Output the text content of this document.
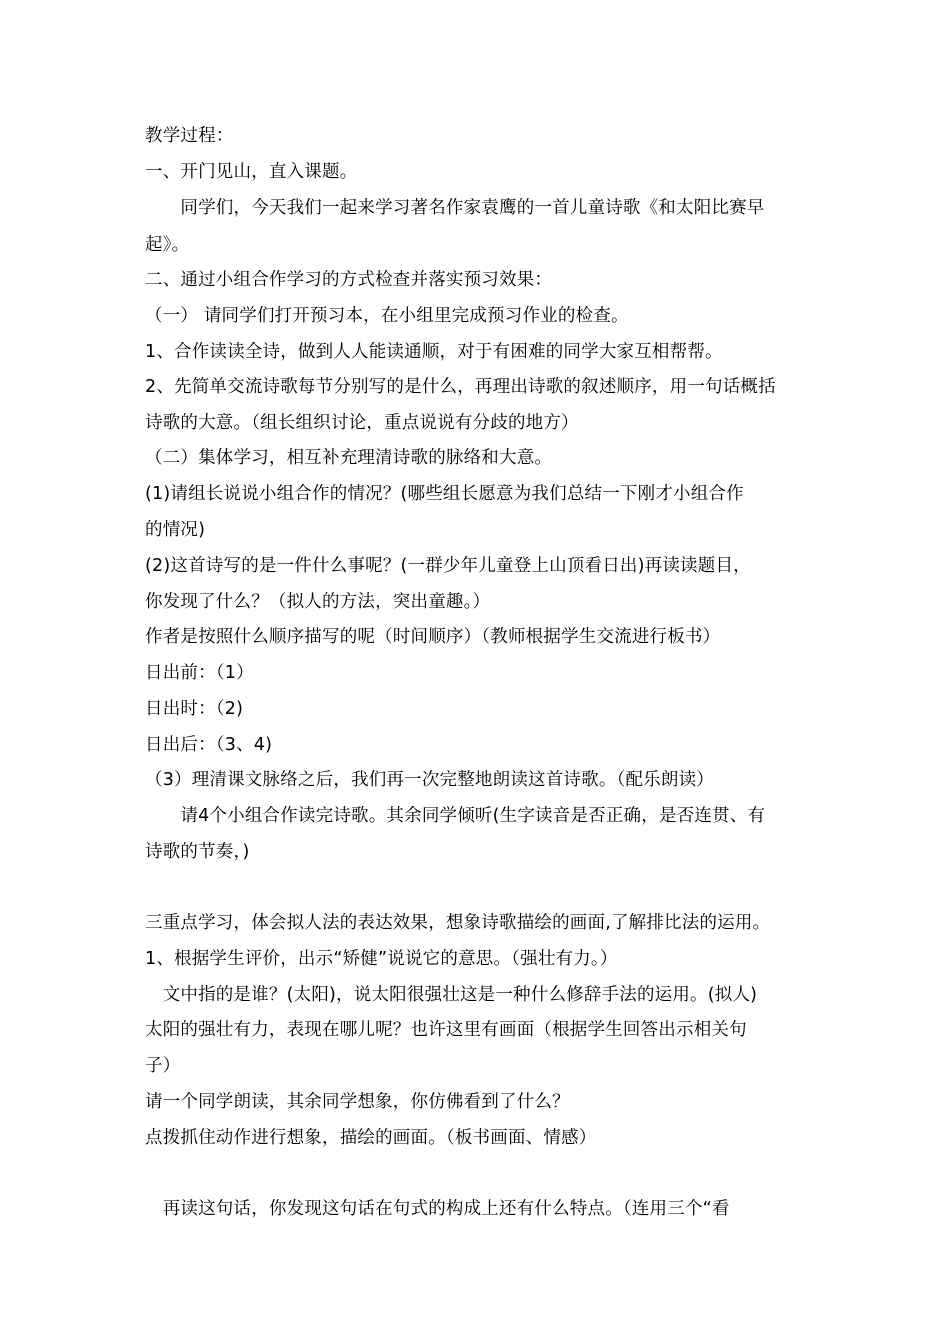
教学过程：
一、开门见山，直入课题。
　　同学们，今天我们一起来学习著名作家袁鹰的一首儿童诗歌《和太阳比赛早
起》。
二、通过小组合作学习的方式检查并落实预习效果：
（一） 请同学们打开预习本，在小组里完成预习作业的检查。
1、合作读读全诗，做到人人能读通顺，对于有困难的同学大家互相帮帮。
2、先简单交流诗歌每节分别写的是什么，再理出诗歌的叙述顺序，用一句话概括
诗歌的大意。（组长组织讨论，重点说说有分歧的地方）
（二）集体学习，相互补充理清诗歌的脉络和大意。
(1)请组长说说小组合作的情况？(哪些组长愿意为我们总结一下刚才小组合作
的情况)
(2)这首诗写的是一件什么事呢？(一群少年儿童登上山顶看日出)再读读题目，
你发现了什么？（拟人的方法，突出童趣。）
作者是按照什么顺序描写的呢（时间顺序）（教师根据学生交流进行板书）
日出前：（1）
日出时：（2)
日出后：（3、4)
（3）理清课文脉络之后，我们再一次完整地朗读这首诗歌。（配乐朗读）
　　请4个小组合作读完诗歌。其余同学倾听(生字读音是否正确，是否连贯、有
诗歌的节奏，)
三重点学习，体会拟人法的表达效果，想象诗歌描绘的画面,了解排比法的运用。
1、根据学生评价，出示“矫健”说说它的意思。（强壮有力。）
　文中指的是谁？(太阳)，说太阳很强壮这是一种什么修辞手法的运用。(拟人)
太阳的强壮有力，表现在哪儿呢？也许这里有画面（根据学生回答出示相关句
子）
请一个同学朗读，其余同学想象，你仿佛看到了什么？
点拨抓住动作进行想象，描绘的画面。（板书画面、情感）
　再读这句话，你发现这句话在句式的构成上还有什么特点。（连用三个“看
